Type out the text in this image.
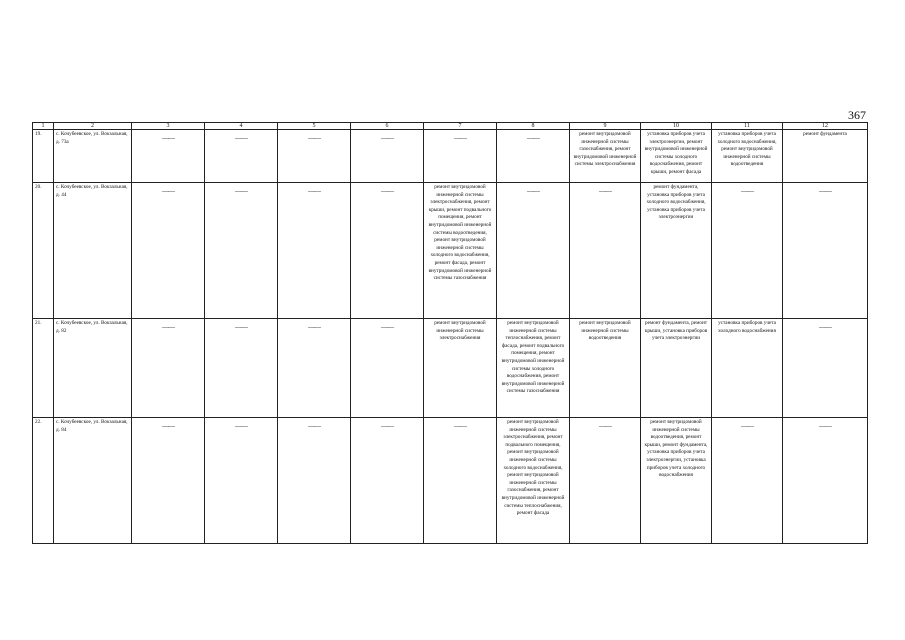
367
1	2	3	4	5	6	7	8	9	10	11	12
19.	с. Кочубеевское, ул. Вокзальная, д. 73а	——	——	——	——	——	——	ремонт внутридомовой инженерной системы газоснабжения, ремонт внутридомовой инженерной системы электроснабжения	установка приборов учета электроэнергии, ремонт внутридомовой инженерной системы холодного водоснабжения, ремонт крыши, ремонт фасада	установка приборов учета холодного водоснабжения, ремонт внутридомовой инженерной системы водоотведения	ремонт фундамента
20.	с. Кочубеевское, ул. Вокзальная, д. 44	——	——	——	——	ремонт внутридомовой инженерной системы электроснабжения, ремонт крыши, ремонт подвального помещения, ремонт внутридомовой инженерной системы водоотведения, ремонт внутридомовой инженерной системы холодного водоснабжения, ремонт фасада, ремонт внутридомовой инженерной системы газоснабжения	——	——	ремонт фундамента, установка приборов учета холодного водоснабжения, установка приборов учета электроэнергии	——	——
21.	с. Кочубеевское, ул. Вокзальная, д. 82	——	——	——	——	ремонт внутридомовой инженерной системы электроснабжения	ремонт внутридомовой инженерной системы теплоснабжения, ремонт фасада, ремонт подвального помещения, ремонт внутридомовой инженерной системы холодного водоснабжения, ремонт внутридомовой инженерной системы газоснабжения	ремонт внутридомовой инженерной системы водоотведения	ремонт фундамента, ремонт крыши, установка приборов учета электроэнергии	установка приборов учета холодного водоснабжения	——
22.	с. Кочубеевское, ул. Вокзальная, д. 84	——	——	——	——	——	ремонт внутридомовой инженерной системы электроснабжения, ремонт подвального помещения, ремонт внутридомовой инженерной системы холодного водоснабжения, ремонт внутридомовой инженерной системы газоснабжения, ремонт внутридомовой инженерной системы теплоснабжения, ремонт фасада	——	ремонт внутридомовой инженерной системы водоотведения, ремонт крыши, ремонт фундамента, установка приборов учета электроэнергии, установка приборов учета холодного водоснабжения	——	——
